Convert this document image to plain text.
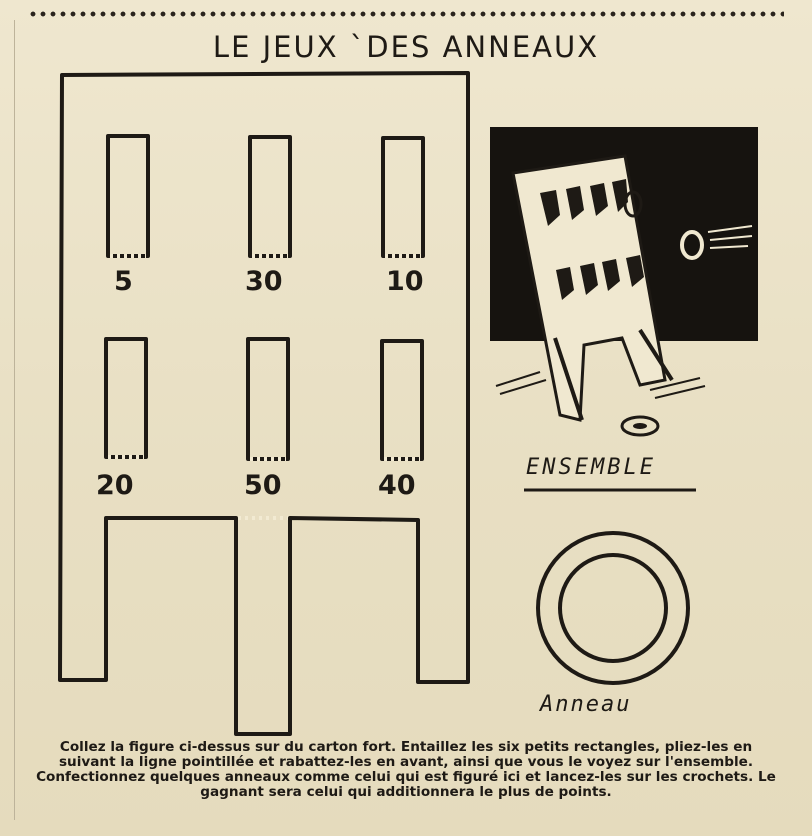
LE JEUX `DES ANNEAUX
5	30	10
20	50	40
ENSEMBLE
Anneau
Collez la figure ci-dessus sur du carton fort. Entaillez les six petits rectangles, pliez-les en suivant la ligne pointillée et rabattez-les en avant, ainsi que vous le voyez sur l'ensemble. Confectionnez quelques anneaux comme celui qui est figuré ici et lancez-les sur les crochets. Le gagnant sera celui qui additionnera le plus de points.
